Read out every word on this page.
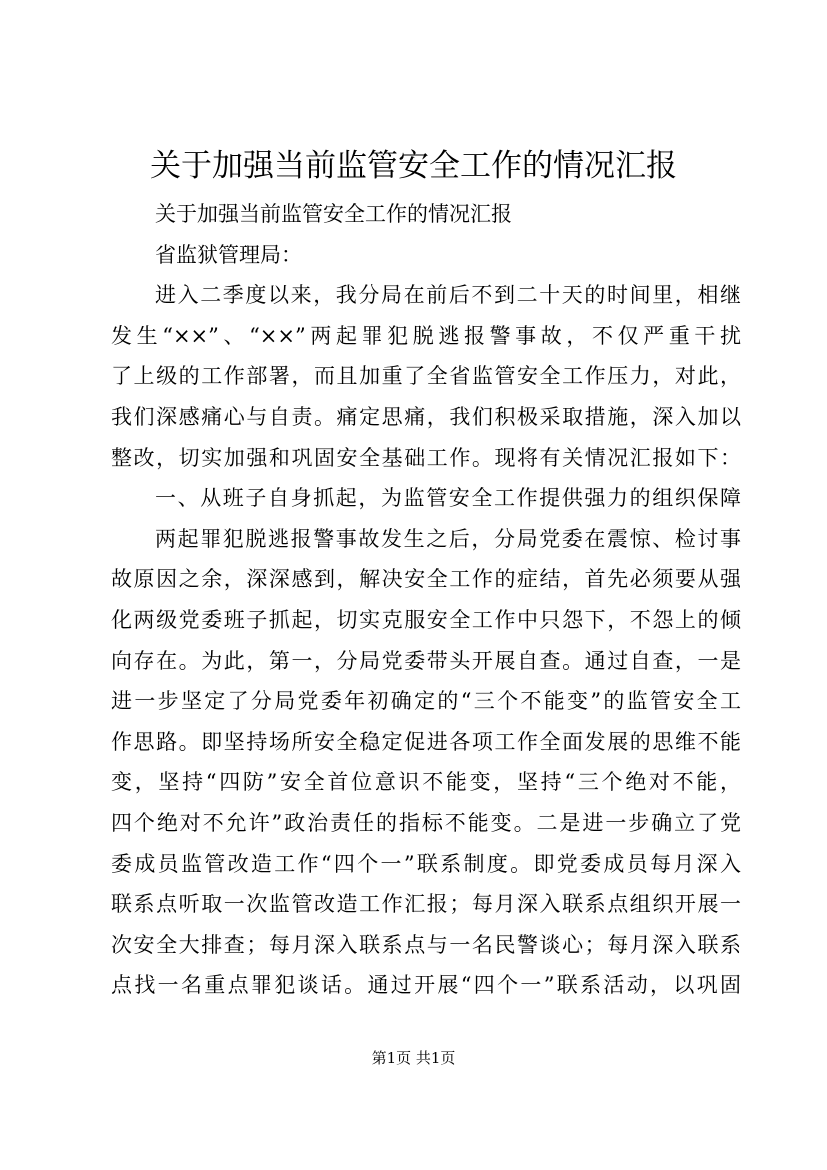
关于加强当前监管安全工作的情况汇报
关于加强当前监管安全工作的情况汇报
省监狱管理局：
进入二季度以来，我分局在前后不到二十天的时间里，相继
发生“××”、“××”两起罪犯脱逃报警事故，不仅严重干扰
了上级的工作部署，而且加重了全省监管安全工作压力，对此，
我们深感痛心与自责。痛定思痛，我们积极采取措施，深入加以
整改，切实加强和巩固安全基础工作。现将有关情况汇报如下：
一、从班子自身抓起，为监管安全工作提供强力的组织保障
两起罪犯脱逃报警事故发生之后，分局党委在震惊、检讨事
故原因之余，深深感到，解决安全工作的症结，首先必须要从强
化两级党委班子抓起，切实克服安全工作中只怨下，不怨上的倾
向存在。为此，第一，分局党委带头开展自查。通过自查，一是
进一步坚定了分局党委年初确定的“三个不能变”的监管安全工
作思路。即坚持场所安全稳定促进各项工作全面发展的思维不能
变，坚持“四防”安全首位意识不能变，坚持“三个绝对不能，
四个绝对不允许”政治责任的指标不能变。二是进一步确立了党
委成员监管改造工作“四个一”联系制度。即党委成员每月深入
联系点听取一次监管改造工作汇报；每月深入联系点组织开展一
次安全大排查；每月深入联系点与一名民警谈心；每月深入联系
点找一名重点罪犯谈话。通过开展“四个一”联系活动，以巩固
第1页 共1页
